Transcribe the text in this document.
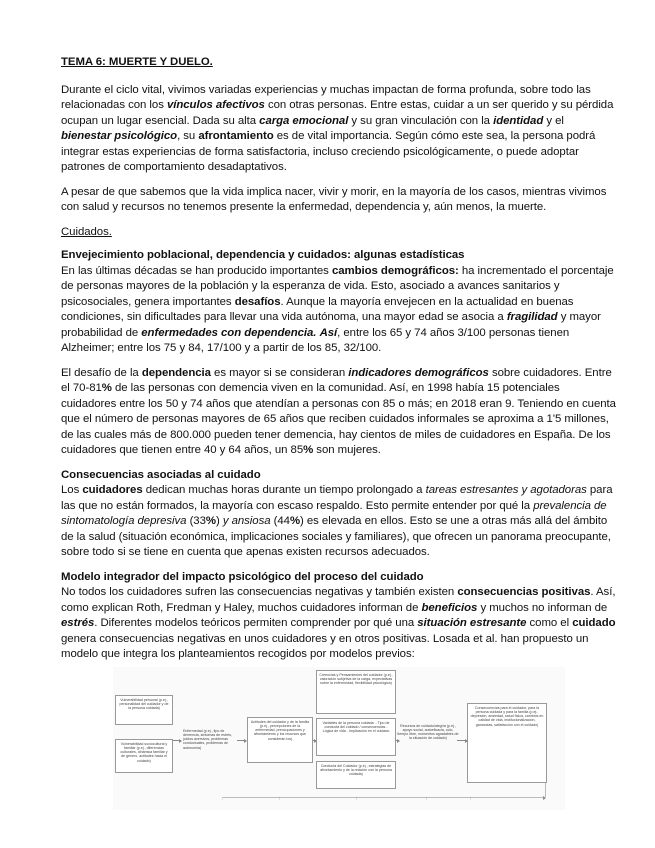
TEMA 6: MUERTE Y DUELO.

Durante el ciclo vital, vivimos variadas experiencias y muchas impactan de forma profunda, sobre todo las relacionadas con los vínculos afectivos con otras personas. Entre estas, cuidar a un ser querido y su pérdida ocupan un lugar esencial. Dada su alta carga emocional y su gran vinculación con la identidad y el bienestar psicológico, su afrontamiento es de vital importancia. Según cómo este sea, la persona podrá integrar estas experiencias de forma satisfactoria, incluso creciendo psicológicamente, o puede adoptar patrones de comportamiento desadaptativos.

A pesar de que sabemos que la vida implica nacer, vivir y morir, en la mayoría de los casos, mientras vivimos con salud y recursos no tenemos presente la enfermedad, dependencia y, aún menos, la muerte.

Cuidados.

Envejecimiento poblacional, dependencia y cuidados: algunas estadísticas

En las últimas décadas se han producido importantes cambios demográficos: ha incrementado el porcentaje de personas mayores de la población y la esperanza de vida. Esto, asociado a avances sanitarios y psicosociales, genera importantes desafíos. Aunque la mayoría envejecen en la actualidad en buenas condiciones, sin dificultades para llevar una vida autónoma, una mayor edad se asocia a fragilidad y mayor probabilidad de enfermedades con dependencia. Así, entre los 65 y 74 años 3/100 personas tienen Alzheimer; entre los 75 y 84, 17/100 y a partir de los 85, 32/100.

El desafío de la dependencia es mayor si se consideran indicadores demográficos sobre cuidadores. Entre el 70-81% de las personas con demencia viven en la comunidad. Así, en 1998 había 15 potenciales cuidadores entre los 50 y 74 años que atendían a personas con 85 o más; en 2018 eran 9. Teniendo en cuenta que el número de personas mayores de 65 años que reciben cuidados informales se aproxima a 1'5 millones, de las cuales más de 800.000 pueden tener demencia, hay cientos de miles de cuidadores en España. De los cuidadores que tienen entre 40 y 64 años, un 85% son mujeres.

Consecuencias asociadas al cuidado

Los cuidadores dedican muchas horas durante un tiempo prolongado a tareas estresantes y agotadoras para las que no están formados, la mayoría con escaso respaldo. Esto permite entender por qué la prevalencia de sintomatología depresiva (33%) y ansiosa (44%) es elevada en ellos. Esto se une a otras más allá del ámbito de la salud (situación económica, implicaciones sociales y familiares), que ofrecen un panorama preocupante, sobre todo si se tiene en cuenta que apenas existen recursos adecuados.

Modelo integrador del impacto psicológico del proceso del cuidado

No todos los cuidadores sufren las consecuencias negativas y también existen consecuencias positivas. Así, como explican Roth, Fredman y Haley, muchos cuidadores informan de beneficios y muchos no informan de estrés. Diferentes modelos teóricos permiten comprender por qué una situación estresante como el cuidado genera consecuencias negativas en unos cuidadores y en otros positivas. Losada et al. han propuesto un modelo que integra los planteamientos recogidos por modelos previos:

Vulnerabilidad personal (p.ej., personalidad del cuidador y de la persona cuidada)
Vulnerabilidad sociocultural y familiar (p.ej., diferencias culturales, dinámica familiar y de género, actitudes hacia el cuidado)
Enfermedad (p.ej., tipo de demencia, síntomas de estrés, juicios aversivos, problemas conductuales, problemas de autonomía)
Actitudes del cuidador y de la familia (p.ej., percepciones de la enfermedad, preocupaciones y afrontamiento y los recursos que consideran los)
Creencias y Pensamientos del cuidador (p.ej., valoración subjetiva de la carga, expectativas sobre la enfermedad, flexibilidad psicológica)
Variables de la persona cuidada: - Tipo de conducta del cuidado / consecuencias - Lógica de vida - Implicación en el cuidado
Conducta del Cuidador (p.ej., estrategias de afrontamiento y de la relación con la persona cuidada)
Recursos de cuidado/alegría (p.ej., apoyo social, autoeficacia, ocio, tiempo libre, momentos agradables de la situación de cuidado)
Consecuencias para el cuidador, para la persona cuidada y para la familia (p.ej., depresión, ansiedad, salud física, cambios en calidad de vida, institucionalización, ganancias, satisfacción con el cuidado)
↑	↑	↑	↑	↑
